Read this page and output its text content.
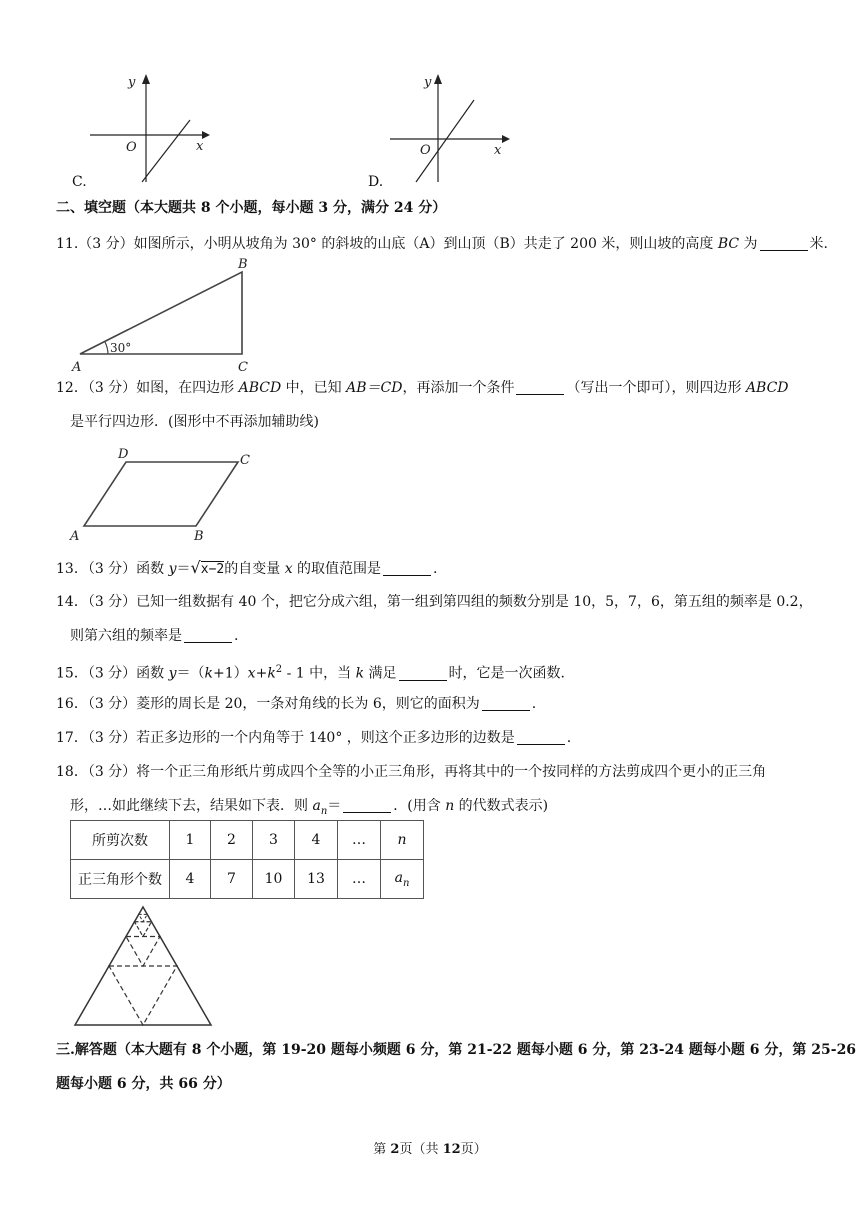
y
x
O
C.
y
x
O
D.
二、填空题（本大题共 8 个小题，每小题 3 分，满分 24 分）
11.（3 分）如图所示，小明从坡角为 30° 的斜坡的山底（A）到山顶（B）共走了 200 米，则山坡的高度 BC 为	米.
A
B
C
30°
12．（3 分）如图，在四边形 ABCD 中，已知 AB＝CD，再添加一个条件	（写出一个即可），则四边形 ABCD
是平行四边形．(图形中不再添加辅助线)
A	B
C
D
13．（3 分）函数 y＝√x−2的自变量 x 的取值范围是	.
14．（3 分）已知一组数据有 40 个，把它分成六组，第一组到第四组的频数分别是 10，5，7，6，第五组的频率是 0.2，
则第六组的频率是	.
15．（3 分）函数 $y=(k+1)x+k^2 - 1$ 中，当 k 满足	时，它是一次函数.
16．（3 分）菱形的周长是 20，一条对角线的长为 6，则它的面积为	.
17．（3 分）若正多边形的一个内角等于 140° ，则这个正多边形的边数是	.
18．（3 分）将一个正三角形纸片剪成四个全等的小正三角形，再将其中的一个按同样的方法剪成四个更小的正三角
形，…如此继续下去，结果如下表．则 $a_n=$	．(用含 n 的代数式表示)
所剪次数	1	2	3	4	…	n
正三角形个数	4	7	10	13	…	$a_n$
三.解答题（本大题有 8 个小题，第 19-20 题每小频题 6 分，第 21-22 题每小题 6 分，第 23-24 题每小题 6 分，第 25-26
题每小题 6 分，共 66 分）
第 2页（共 12页）
